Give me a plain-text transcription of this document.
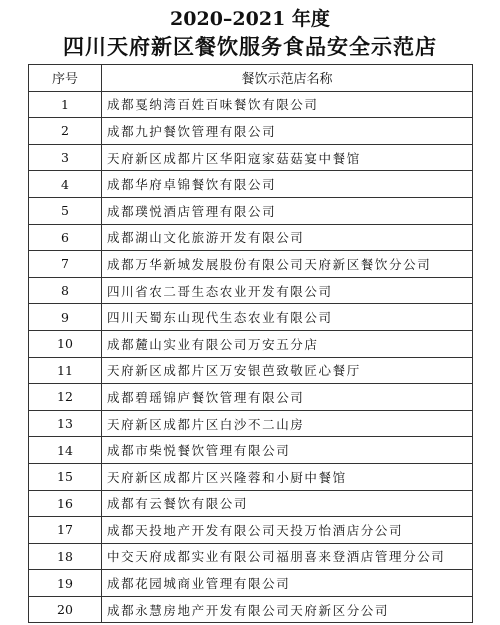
2020–2021 年度
四川天府新区餐饮服务食品安全示范店
序号	餐饮示范店名称
1	成都戛纳湾百姓百味餐饮有限公司
2	成都九护餐饮管理有限公司
3	天府新区成都片区华阳寇家菇菇宴中餐馆
4	成都华府卓锦餐饮有限公司
5	成都璞悦酒店管理有限公司
6	成都湖山文化旅游开发有限公司
7	成都万华新城发展股份有限公司天府新区餐饮分公司
8	四川省农二哥生态农业开发有限公司
9	四川天蜀东山现代生态农业有限公司
10	成都麓山实业有限公司万安五分店
11	天府新区成都片区万安银芭致敬匠心餐厅
12	成都碧瑶锦庐餐饮管理有限公司
13	天府新区成都片区白沙不二山房
14	成都市柴悦餐饮管理有限公司
15	天府新区成都片区兴隆蓉和小厨中餐馆
16	成都有云餐饮有限公司
17	成都天投地产开发有限公司天投万怡酒店分公司
18	中交天府成都实业有限公司福朋喜来登酒店管理分公司
19	成都花园城商业管理有限公司
20	成都永慧房地产开发有限公司天府新区分公司
